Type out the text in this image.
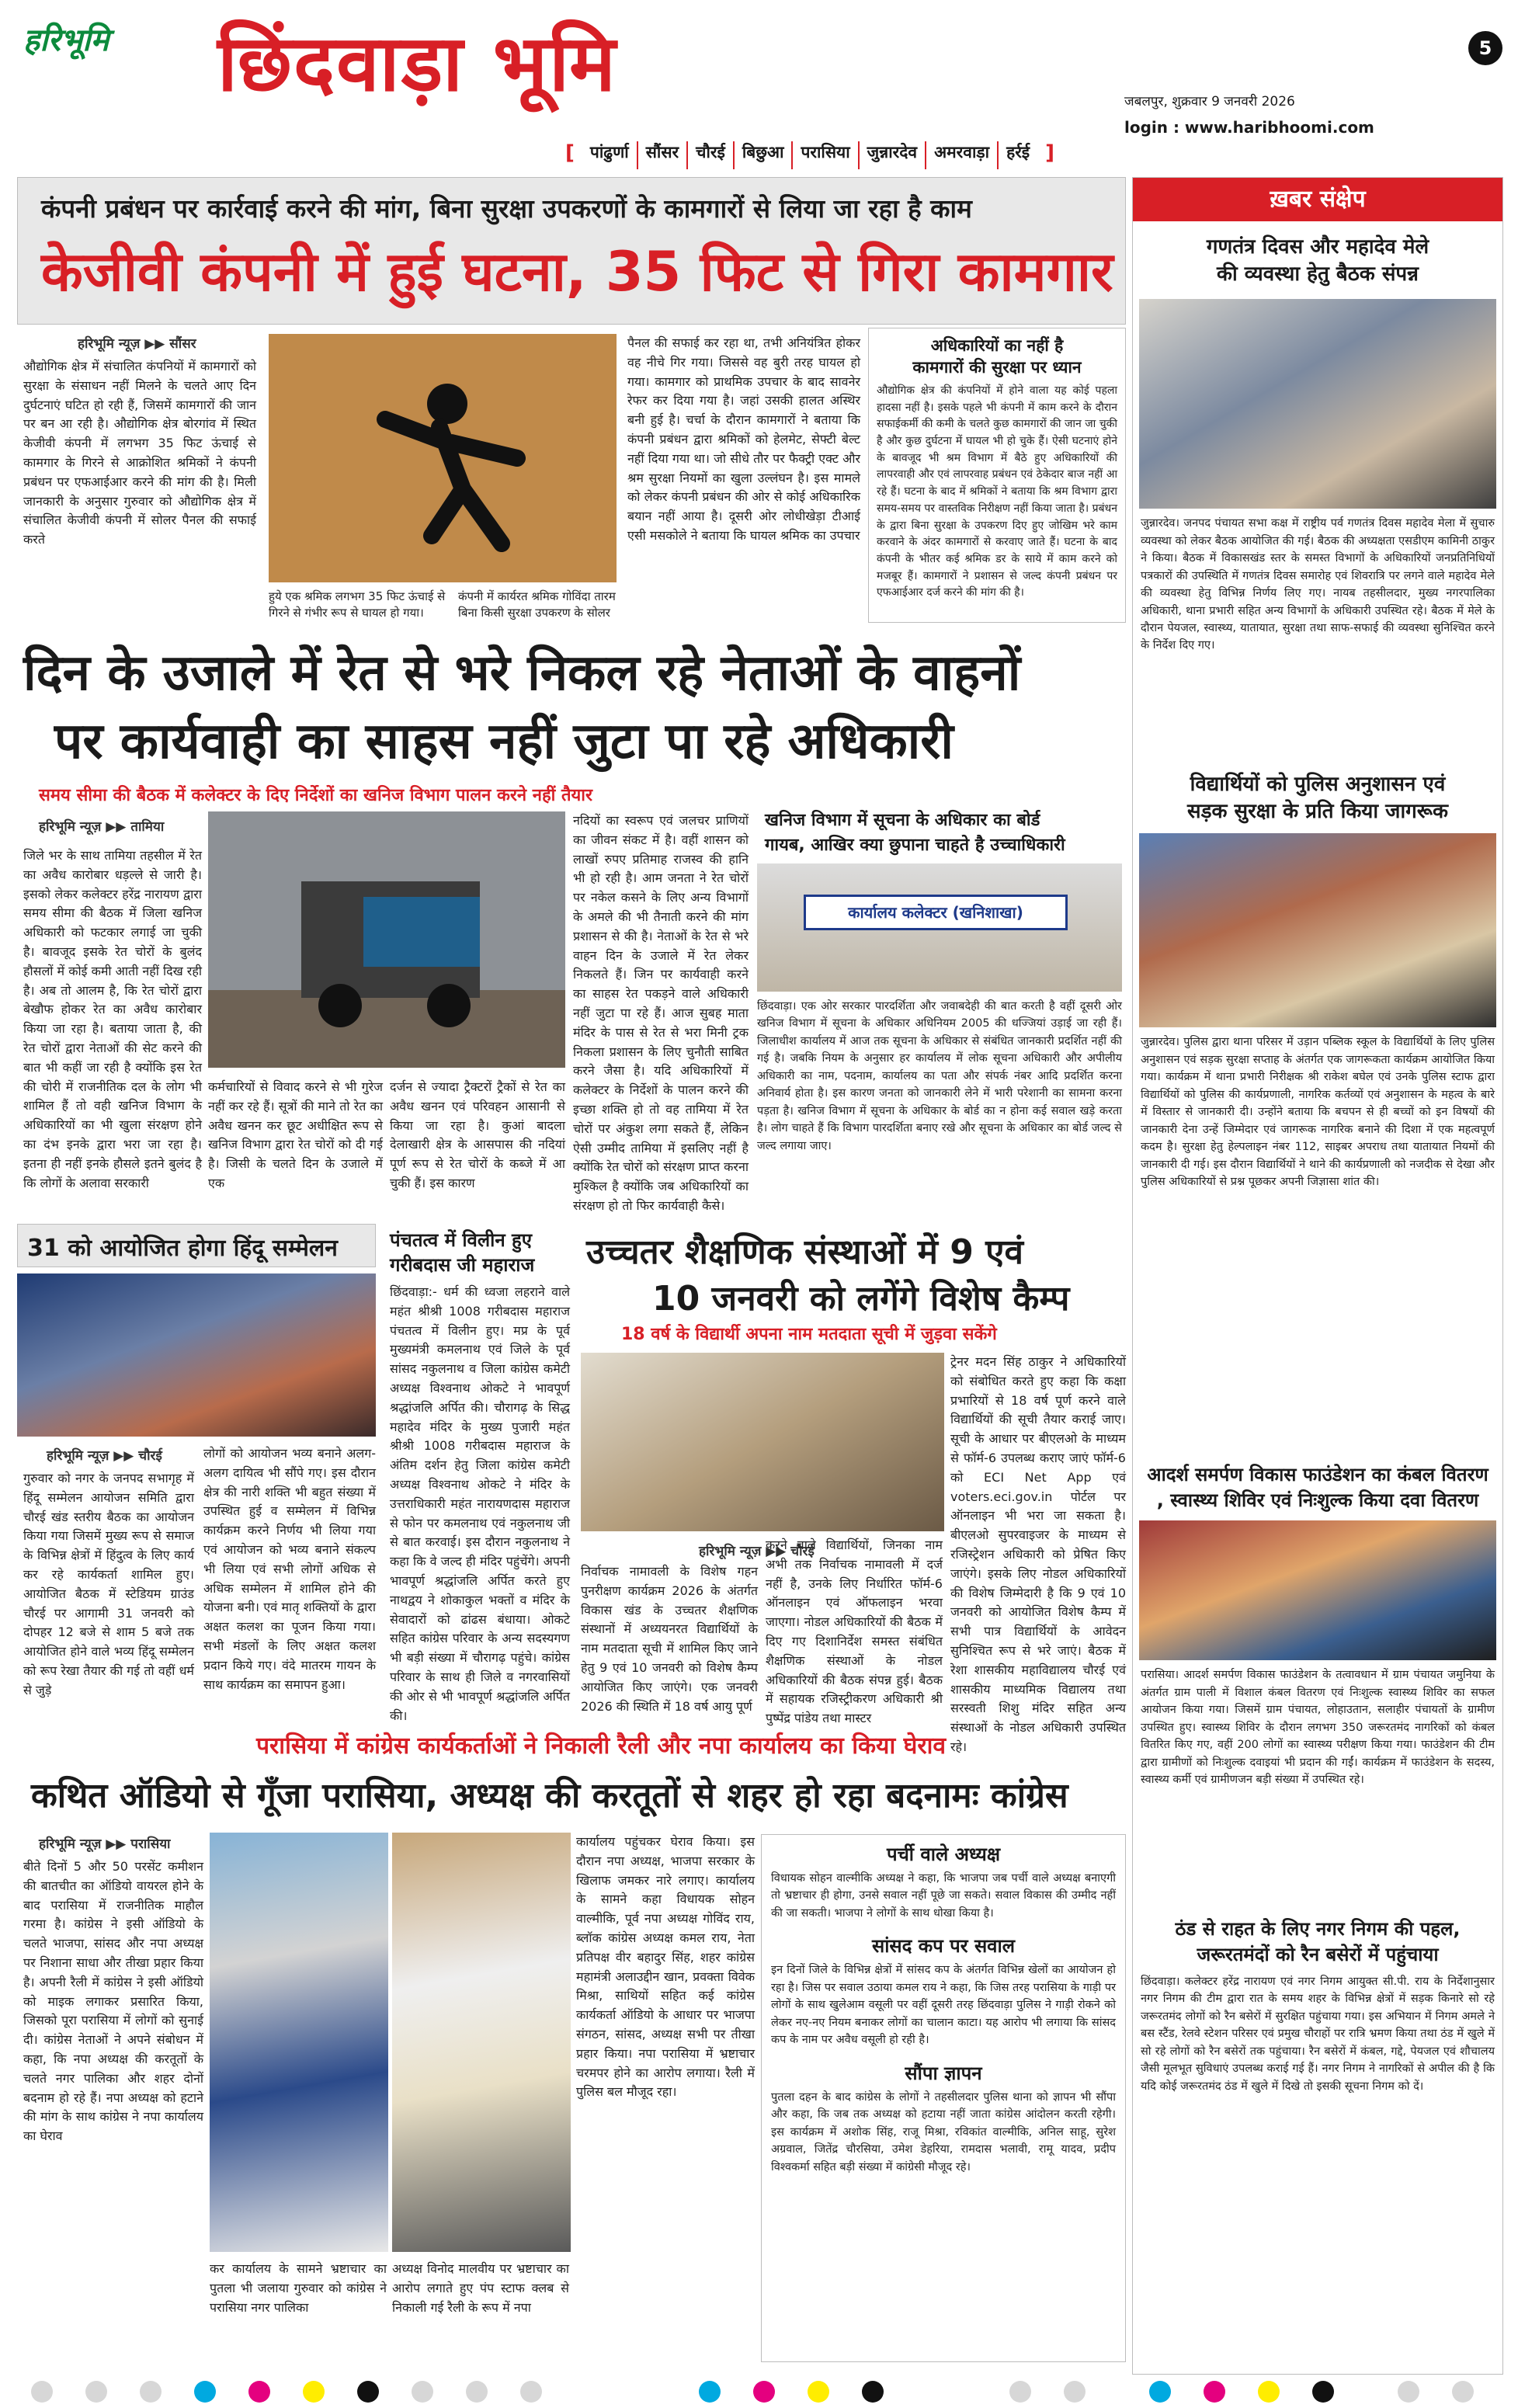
हरिभूमि	छिंदवाड़ा भूमि	5
जबलपुर, शुक्रवार 9 जनवरी 2026
login : www.haribhoomi.com
[ पांढुर्णा	सौंसर	चौरई	बिछुआ	परासिया	जुन्नारदेव	अमरवाड़ा	हर्रई ]
कंपनी प्रबंधन पर कार्रवाई करने की मांग, बिना सुरक्षा उपकरणों के कामगारों से लिया जा रहा है काम
केजीवी कंपनी में हुई घटना, 35 फिट से गिरा कामगार
हरिभूमि न्यूज़ ▶▶ सौंसर
औद्योगिक क्षेत्र में संचालित कंपनियों में कामगारों को सुरक्षा के संसाधन नहीं मिलने के चलते आए दिन दुर्घटनाएं घटित हो रही हैं, जिसमें कामगारों की जान पर बन आ रही है। औद्योगिक क्षेत्र बोरगांव में स्थित केजीवी कंपनी में लगभग 35 फिट ऊंचाई से कामगार के गिरने से आक्रोशित श्रमिकों ने कंपनी प्रबंधन पर एफआईआर करने की मांग की है। मिली जानकारी के अनुसार गुरुवार को औद्योगिक क्षेत्र में संचालित केजीवी कंपनी में सोलर पैनल की सफाई करते
हुये एक श्रमिक लगभग 35 फिट ऊंचाई से गिरने से गंभीर रूप से घायल हो गया।
कंपनी में कार्यरत श्रमिक गोविंदा तारम बिना किसी सुरक्षा उपकरण के सोलर
पैनल की सफाई कर रहा था, तभी अनियंत्रित होकर वह नीचे गिर गया। जिससे वह बुरी तरह घायल हो गया। कामगार को प्राथमिक उपचार के बाद सावनेर रेफर कर दिया गया है। जहां उसकी हालत अस्थिर बनी हुई है। चर्चा के दौरान कामगारों ने बताया कि कंपनी प्रबंधन द्वारा श्रमिकों को हेलमेट, सेफ्टी बेल्ट नहीं दिया गया था। जो सीधे तौर पर फैक्ट्री एक्ट और श्रम सुरक्षा नियमों का खुला उल्लंघन है। इस मामले को लेकर कंपनी प्रबंधन की ओर से कोई अधिकारिक बयान नहीं आया है। दूसरी ओर लोधीखेड़ा टीआई एसी मसकोले ने बताया कि घायल श्रमिक का उपचार
अधिकारियों का नहीं है
कामगारों की सुरक्षा पर ध्यान
औद्योगिक क्षेत्र की कंपनियों में होने वाला यह कोई पहला हादसा नहीं है। इसके पहले भी कंपनी में काम करने के दौरान सफाईकर्मी की कमी के चलते कुछ कामगारों की जान जा चुकी है और कुछ दुर्घटना में घायल भी हो चुके हैं। ऐसी घटनाएं होने के बावजूद भी श्रम विभाग में बैठे हुए अधिकारियों की लापरवाही और एवं लापरवाह प्रबंधन एवं ठेकेदार बाज नहीं आ रहे हैं। घटना के बाद में श्रमिकों ने बताया कि श्रम विभाग द्वारा समय-समय पर वास्तविक निरीक्षण नहीं किया जाता है। प्रबंधन के द्वारा बिना सुरक्षा के उपकरण दिए हुए जोखिम भरे काम करवाने के अंदर कामगारों से करवाए जाते हैं। घटना के बाद कंपनी के भीतर कई श्रमिक डर के साये में काम करने को मजबूर हैं। कामगारों ने प्रशासन से जल्द कंपनी प्रबंधन पर एफआईआर दर्ज करने की मांग की है।
दिन के उजाले में रेत से भरे निकल रहे नेताओं के वाहनों
पर कार्यवाही का साहस नहीं जुटा पा रहे अधिकारी
समय सीमा की बैठक में कलेक्टर के दिए निर्देशों का खनिज विभाग पालन करने नहीं तैयार
हरिभूमि न्यूज़ ▶▶ तामिया
जिले भर के साथ तामिया तहसील में रेत का अवैध कारोबार धड़ल्ले से जारी है। इसको लेकर कलेक्टर हरेंद्र नारायण द्वारा समय सीमा की बैठक में जिला खनिज अधिकारी को फटकार लगाई जा चुकी है। बावजूद इसके रेत चोरों के बुलंद हौसलों में कोई कमी आती नहीं दिख रही है। अब तो आलम है, कि रेत चोरों द्वारा बेखौफ होकर रेत का अवैध कारोबार किया जा रहा है। बताया जाता है, की रेत चोरों द्वारा नेताओं की सेट करने की बात भी कहीं जा रही है क्योंकि इस रेत की चोरी में राजनीतिक दल के लोग भी शामिल हैं तो वही खनिज विभाग के अधिकारियों का भी खुला संरक्षण होने का दंभ इनके द्वारा भरा जा रहा है। इतना ही नहीं इनके हौसले इतने बुलंद है कि लोगों के अलावा सरकारी
कर्मचारियों से विवाद करने से भी गुरेज नहीं कर रहे हैं। सूत्रों की माने तो रेत का अवैध खनन कर छूट अधीक्षित रूप से खनिज विभाग द्वारा रेत चोरों को दी गई है। जिसी के चलते दिन के उजाले में एक
दर्जन से ज्यादा ट्रैक्टरों ट्रैकों से रेत का अवैध खनन एवं परिवहन आसानी से किया जा रहा है। कुआं बादला देलाखारी क्षेत्र के आसपास की नदियां पूर्ण रूप से रेत चोरों के कब्जे में आ चुकी हैं। इस कारण
नदियों का स्वरूप एवं जलचर प्राणियों का जीवन संकट में है। वहीं शासन को लाखों रुपए प्रतिमाह राजस्व की हानि भी हो रही है। आम जनता ने रेत चोरों पर नकेल कसने के लिए अन्य विभागों के अमले की भी तैनाती करने की मांग प्रशासन से की है। नेताओं के रेत से भरे वाहन दिन के उजाले में रेत लेकर निकलते हैं। जिन पर कार्यवाही करने का साहस रेत पकड़ने वाले अधिकारी नहीं जुटा पा रहे हैं। आज सुबह माता मंदिर के पास से रेत से भरा मिनी ट्रक निकला प्रशासन के लिए चुनौती साबित करने जैसा है। यदि अधिकारियों में कलेक्टर के निर्देशों के पालन करने की इच्छा शक्ति हो तो वह तामिया में रेत चोरों पर अंकुश लगा सकते हैं, लेकिन ऐसी उम्मीद तामिया में इसलिए नहीं है क्योंकि रेत चोरों को संरक्षण प्राप्त करना मुश्किल है क्योंकि जब अधिकारियों का संरक्षण हो तो फिर कार्यवाही कैसे।
खनिज विभाग में सूचना के अधिकार का बोर्ड
गायब, आखिर क्या छुपाना चाहते है उच्चाधिकारी
कार्यालय कलेक्टर (खनिशाखा)
छिंदवाड़ा। एक ओर सरकार पारदर्शिता और जवाबदेही की बात करती है वहीं दूसरी ओर खनिज विभाग में सूचना के अधिकार अधिनियम 2005 की धज्जियां उड़ाई जा रही हैं। जिलाधीश कार्यालय में आज तक सूचना के अधिकार से संबंधित जानकारी प्रदर्शित नहीं की गई है। जबकि नियम के अनुसार हर कार्यालय में लोक सूचना अधिकारी और अपीलीय अधिकारी का नाम, पदनाम, कार्यालय का पता और संपर्क नंबर आदि प्रदर्शित करना अनिवार्य होता है। इस कारण जनता को जानकारी लेने में भारी परेशानी का सामना करना पड़ता है। खनिज विभाग में सूचना के अधिकार के बोर्ड का न होना कई सवाल खड़े करता है। लोग चाहते हैं कि विभाग पारदर्शिता बनाए रखे और सूचना के अधिकार का बोर्ड जल्द से जल्द लगाया जाए।
31 को आयोजित होगा हिंदू सम्मेलन
हरिभूमि न्यूज़ ▶▶ चौरई
गुरुवार को नगर के जनपद सभागृह में हिंदू सम्मेलन आयोजन समिति द्वारा चौरई खंड स्तरीय बैठक का आयोजन किया गया जिसमें मुख्य रूप से समाज के विभिन्न क्षेत्रों में हिंदुत्व के लिए कार्य कर रहे कार्यकर्ता शामिल हुए। आयोजित बैठक में स्टेडियम ग्राउंड चौरई पर आगामी 31 जनवरी को दोपहर 12 बजे से शाम 5 बजे तक आयोजित होने वाले भव्य हिंदू सम्मेलन को रूप रेखा तैयार की गई तो वहीं धर्म से जुड़े
लोगों को आयोजन भव्य बनाने अलग-अलग दायित्व भी सौंपे गए। इस दौरान क्षेत्र की नारी शक्ति भी बहुत संख्या में उपस्थित हुई व सम्मेलन में विभिन्न कार्यक्रम करने निर्णय भी लिया गया एवं आयोजन को भव्य बनाने संकल्प भी लिया एवं सभी लोगों अधिक से अधिक सम्मेलन में शामिल होने की योजना बनी। एवं मातृ शक्तियों के द्वारा अक्षत कलश का पूजन किया गया। सभी मंडलों के लिए अक्षत कलश प्रदान किये गए। वंदे मातरम गायन के साथ कार्यक्रम का समापन हुआ।
पंचतत्व में विलीन हुए
गरीबदास जी महाराज
छिंदवाड़ा:- धर्म की ध्वजा लहराने वाले महंत श्रीश्री 1008 गरीबदास महाराज पंचतत्व में विलीन हुए। मप्र के पूर्व मुख्यमंत्री कमलनाथ एवं जिले के पूर्व सांसद नकुलनाथ व जिला कांग्रेस कमेटी अध्यक्ष विश्वनाथ ओकटे ने भावपूर्ण श्रद्धांजलि अर्पित की। चौरागढ़ के सिद्ध महादेव मंदिर के मुख्य पुजारी महंत श्रीश्री 1008 गरीबदास महाराज के अंतिम दर्शन हेतु जिला कांग्रेस कमेटी अध्यक्ष विश्वनाथ ओकटे ने मंदिर के उत्तराधिकारी महंत नारायणदास महाराज से फोन पर कमलनाथ एवं नकुलनाथ जी से बात करवाई। इस दौरान नकुलनाथ ने कहा कि वे जल्द ही मंदिर पहुंचेंगे। अपनी भावपूर्ण श्रद्धांजलि अर्पित करते हुए नाथद्वय ने शोकाकुल भक्तों व मंदिर के सेवादारों को ढांढस बंधाया। ओकटे सहित कांग्रेस परिवार के अन्य सदस्यगण भी बड़ी संख्या में चौरागढ़ पहुंचे। कांग्रेस परिवार के साथ ही जिले व नगरवासियों की ओर से भी भावपूर्ण श्रद्धांजलि अर्पित की।
उच्चतर शैक्षणिक संस्थाओं में 9 एवं
10 जनवरी को लगेंगे विशेष कैम्प
18 वर्ष के विद्यार्थी अपना नाम मतदाता सूची में जुड़वा सकेंगे
हरिभूमि न्यूज़ ▶▶ चौरई
निर्वाचक नामावली के विशेष गहन पुनरीक्षण कार्यक्रम 2026 के अंतर्गत विकास खंड के उच्चतर शैक्षणिक संस्थानों में अध्ययनरत विद्यार्थियों के नाम मतदाता सूची में शामिल किए जाने हेतु 9 एवं 10 जनवरी को विशेष कैम्प आयोजित किए जाएंगे। एक जनवरी 2026 की स्थिति में 18 वर्ष आयु पूर्ण
करने वाले विद्यार्थियों, जिनका नाम अभी तक निर्वाचक नामावली में दर्ज नहीं है, उनके लिए निर्धारित फॉर्म-6 ऑनलाइन एवं ऑफलाइन भरवा जाएगा। नोडल अधिकारियों की बैठक में दिए गए दिशानिर्देश समस्त संबंधित शैक्षणिक संस्थाओं के नोडल अधिकारियों की बैठक संपन्न हुई। बैठक में सहायक रजिस्ट्रीकरण अधिकारी श्री पुष्पेंद्र पांडेय तथा मास्टर
ट्रेनर मदन सिंह ठाकुर ने अधिकारियों को संबोधित करते हुए कहा कि कक्षा प्रभारियों से 18 वर्ष पूर्ण करने वाले विद्यार्थियों की सूची तैयार कराई जाए। सूची के आधार पर बीएलओ के माध्यम से फॉर्म-6 उपलब्ध कराए जाएं फॉर्म-6 को ECI Net App एवं voters.eci.gov.in पोर्टल पर ऑनलाइन भी भरा जा सकता है। बीएलओ सुपरवाइजर के माध्यम से रजिस्ट्रेशन अधिकारी को प्रेषित किए जाएंगे। इसके लिए नोडल अधिकारियों की विशेष जिम्मेदारी है कि 9 एवं 10 जनवरी को आयोजित विशेष कैम्प में सभी पात्र विद्यार्थियों के आवेदन सुनिश्चित रूप से भरे जाएं। बैठक में रेशा शासकीय महाविद्यालय चौरई एवं शासकीय माध्यमिक विद्यालय तथा सरस्वती शिशु मंदिर सहित अन्य संस्थाओं के नोडल अधिकारी उपस्थित रहे।
परासिया में कांग्रेस कार्यकर्ताओं ने निकाली रैली और नपा कार्यालय का किया घेराव
कथित ऑडियो से गूँजा परासिया, अध्यक्ष की करतूतों से शहर हो रहा बदनामः कांग्रेस
हरिभूमि न्यूज़ ▶▶ परासिया
बीते दिनों 5 और 50 परसेंट कमीशन की बातचीत का ऑडियो वायरल होने के बाद परासिया में राजनीतिक माहौल गरमा है। कांग्रेस ने इसी ऑडियो के चलते भाजपा, सांसद और नपा अध्यक्ष पर निशाना साधा और तीखा प्रहार किया है। अपनी रैली में कांग्रेस ने इसी ऑडियो को माइक लगाकर प्रसारित किया, जिसको पूरा परासिया में लोगों को सुनाई दी। कांग्रेस नेताओं ने अपने संबोधन में कहा, कि नपा अध्यक्ष की करतूतों के चलते नगर पालिका और शहर दोनों बदनाम हो रहे हैं। नपा अध्यक्ष को हटाने की मांग के साथ कांग्रेस ने नपा कार्यालय का घेराव
कर कार्यालय के सामने भ्रष्टाचार का पुतला भी जलाया गुरुवार को कांग्रेस ने परासिया नगर पालिका
अध्यक्ष विनोद मालवीय पर भ्रष्टाचार का आरोप लगाते हुए पंप स्टाफ क्लब से निकाली गई रैली के रूप में नपा
कार्यालय पहुंचकर घेराव किया। इस दौरान नपा अध्यक्ष, भाजपा सरकार के खिलाफ जमकर नारे लगाए। कार्यालय के सामने कहा विधायक सोहन वाल्मीकि, पूर्व नपा अध्यक्ष गोविंद राय, ब्लॉक कांग्रेस अध्यक्ष कमल राय, नेता प्रतिपक्ष वीर बहादुर सिंह, शहर कांग्रेस महामंत्री अलाउद्दीन खान, प्रवक्ता विवेक मिश्रा, साथियों सहित कई कांग्रेस कार्यकर्ता ऑडियो के आधार पर भाजपा संगठन, सांसद, अध्यक्ष सभी पर तीखा प्रहार किया। नपा परासिया में भ्रष्टाचार चरमपर होने का आरोप लगाया। रैली में पुलिस बल मौजूद रहा।
पर्ची वाले अध्यक्ष
विधायक सोहन वाल्मीकि अध्यक्ष ने कहा, कि भाजपा जब पर्ची वाले अध्यक्ष बनाएगी तो भ्रष्टाचार ही होगा, उनसे सवाल नहीं पूछे जा सकते। सवाल विकास की उम्मीद नहीं की जा सकती। भाजपा ने लोगों के साथ धोखा किया है।
सांसद कप पर सवाल
इन दिनों जिले के विभिन्न क्षेत्रों में सांसद कप के अंतर्गत विभिन्न खेलों का आयोजन हो रहा है। जिस पर सवाल उठाया कमल राय ने कहा, कि जिस तरह परासिया के गाड़ी पर लोगों के साथ खुलेआम वसूली पर वहीं दूसरी तरह छिंदवाड़ा पुलिस ने गाड़ी रोकने को लेकर नए-नए नियम बनाकर लोगों का चालान काटा। यह आरोप भी लगाया कि सांसद कप के नाम पर अवैध वसूली हो रही है।
सौंपा ज्ञापन
पुतला दहन के बाद कांग्रेस के लोगों ने तहसीलदार पुलिस थाना को ज्ञापन भी सौंपा और कहा, कि जब तक अध्यक्ष को हटाया नहीं जाता कांग्रेस आंदोलन करती रहेगी। इस कार्यक्रम में अशोक सिंह, राजू मिश्रा, रविकांत वाल्मीकि, अनिल साहू, सुरेश अग्रवाल, जितेंद्र चौरसिया, उमेश डेहरिया, रामदास भलावी, रामू यादव, प्रदीप विश्वकर्मा सहित बड़ी संख्या में कांग्रेसी मौजूद रहे।
ख़बर संक्षेप
गणतंत्र दिवस और महादेव मेले
की व्यवस्था हेतु बैठक संपन्न
जुन्नारदेव। जनपद पंचायत सभा कक्ष में राष्ट्रीय पर्व गणतंत्र दिवस महादेव मेला में सुचारु व्यवस्था को लेकर बैठक आयोजित की गई। बैठक की अध्यक्षता एसडीएम कामिनी ठाकुर ने किया। बैठक में विकासखंड स्तर के समस्त विभागों के अधिकारियों जनप्रतिनिधियों पत्रकारों की उपस्थिति में गणतंत्र दिवस समारोह एवं शिवरात्रि पर लगने वाले महादेव मेले की व्यवस्था हेतु विभिन्न निर्णय लिए गए। नायब तहसीलदार, मुख्य नगरपालिका अधिकारी, थाना प्रभारी सहित अन्य विभागों के अधिकारी उपस्थित रहे। बैठक में मेले के दौरान पेयजल, स्वास्थ्य, यातायात, सुरक्षा तथा साफ-सफाई की व्यवस्था सुनिश्चित करने के निर्देश दिए गए।
विद्यार्थियों को पुलिस अनुशासन एवं
सड़क सुरक्षा के प्रति किया जागरूक
जुन्नारदेव। पुलिस द्वारा थाना परिसर में उड़ान पब्लिक स्कूल के विद्यार्थियों के लिए पुलिस अनुशासन एवं सड़क सुरक्षा सप्ताह के अंतर्गत एक जागरूकता कार्यक्रम आयोजित किया गया। कार्यक्रम में थाना प्रभारी निरीक्षक श्री राकेश बघेल एवं उनके पुलिस स्टाफ द्वारा विद्यार्थियों को पुलिस की कार्यप्रणाली, नागरिक कर्तव्यों एवं अनुशासन के महत्व के बारे में विस्तार से जानकारी दी। उन्होंने बताया कि बचपन से ही बच्चों को इन विषयों की जानकारी देना उन्हें जिम्मेदार एवं जागरूक नागरिक बनाने की दिशा में एक महत्वपूर्ण कदम है। सुरक्षा हेतु हेल्पलाइन नंबर 112, साइबर अपराध तथा यातायात नियमों की जानकारी दी गई। इस दौरान विद्यार्थियों ने थाने की कार्यप्रणाली को नजदीक से देखा और पुलिस अधिकारियों से प्रश्न पूछकर अपनी जिज्ञासा शांत की।
आदर्श समर्पण विकास फाउंडेशन का कंबल वितरण
, स्वास्थ्य शिविर एवं निःशुल्क किया दवा वितरण
परासिया। आदर्श समर्पण विकास फाउंडेशन के तत्वावधान में ग्राम पंचायत जमुनिया के अंतर्गत ग्राम पाली में विशाल कंबल वितरण एवं निःशुल्क स्वास्थ्य शिविर का सफल आयोजन किया गया। जिसमें ग्राम पंचायत, लोहाउतान, सलाहीर पंचायतों के ग्रामीण उपस्थित हुए। स्वास्थ्य शिविर के दौरान लगभग 350 जरूरतमंद नागरिकों को कंबल वितरित किए गए, वहीं 200 लोगों का स्वास्थ्य परीक्षण किया गया। फाउंडेशन की टीम द्वारा ग्रामीणों को निःशुल्क दवाइयां भी प्रदान की गईं। कार्यक्रम में फाउंडेशन के सदस्य, स्वास्थ्य कर्मी एवं ग्रामीणजन बड़ी संख्या में उपस्थित रहे।
ठंड से राहत के लिए नगर निगम की पहल,
जरूरतमंदों को रैन बसेरों में पहुंचाया
छिंदवाड़ा। कलेक्टर हरेंद्र नारायण एवं नगर निगम आयुक्त सी.पी. राय के निर्देशानुसार नगर निगम की टीम द्वारा रात के समय शहर के विभिन्न क्षेत्रों में सड़क किनारे सो रहे जरूरतमंद लोगों को रैन बसेरों में सुरक्षित पहुंचाया गया। इस अभियान में निगम अमले ने बस स्टैंड, रेलवे स्टेशन परिसर एवं प्रमुख चौराहों पर रात्रि भ्रमण किया तथा ठंड में खुले में सो रहे लोगों को रैन बसेरों तक पहुंचाया। रैन बसेरों में कंबल, गद्दे, पेयजल एवं शौचालय जैसी मूलभूत सुविधाएं उपलब्ध कराई गई हैं। नगर निगम ने नागरिकों से अपील की है कि यदि कोई जरूरतमंद ठंड में खुले में दिखे तो इसकी सूचना निगम को दें।
